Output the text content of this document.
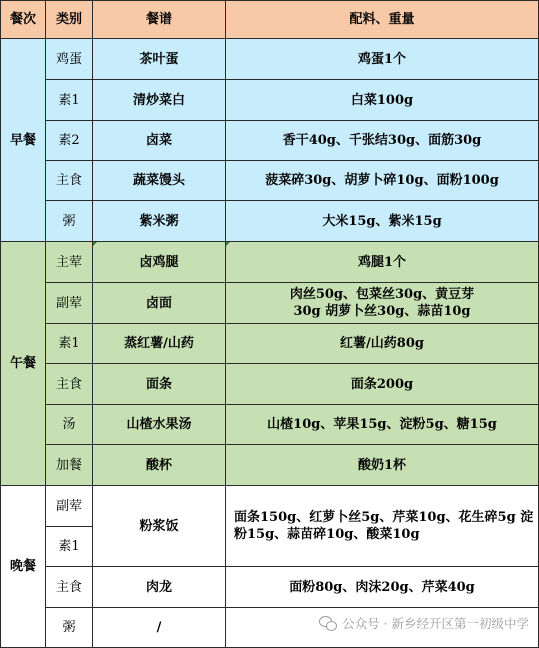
餐次	类别	餐谱	配料、重量
早餐	鸡蛋	茶叶蛋	鸡蛋1个
	素1	清炒菜白	白菜100g
	素2	卤菜	香干40g、千张结30g、面筋30g
	主食	蔬菜馒头	菠菜碎30g、胡萝卜碎10g、面粉100g
	粥	紫米粥	大米15g、紫米15g
午餐	主荤	卤鸡腿	鸡腿1个
	副荤	卤面	肉丝50g、包菜丝30g、黄豆芽30g 胡萝卜丝30g、蒜苗10g
	素1	蒸红薯/山药	红薯/山药80g
	主食	面条	面条200g
	汤	山楂水果汤	山楂10g、苹果15g、淀粉5g、糖15g
	加餐	酸杯	酸奶1杯
晚餐	副荤	粉浆饭	面条150g、红萝卜丝5g、芹菜10g、花生碎5g 淀粉15g、蒜苗碎10g、酸菜10g
	素1		
	主食	肉龙	面粉80g、肉沫20g、芹菜40g
	粥	/		公众号 · 新乡经开区第一初级中学
